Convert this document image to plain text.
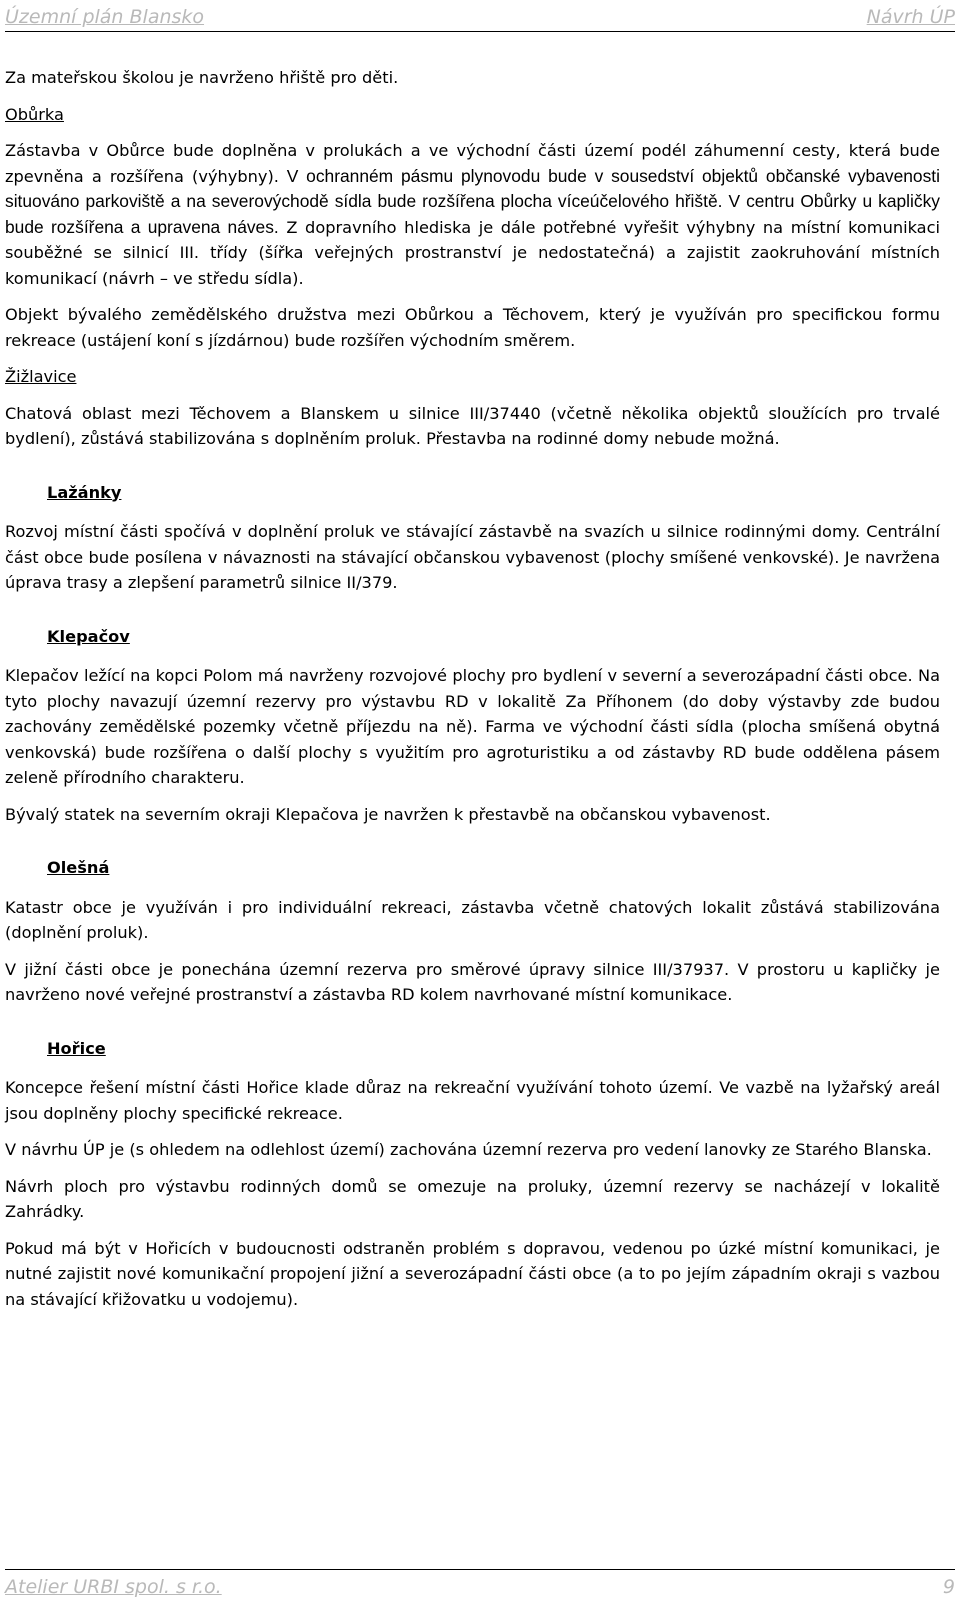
Územní plán Blansko	Návrh ÚP

Za mateřskou školou je navrženo hřiště pro děti.

Obůrka

Zástavba v Obůrce bude doplněna v prolukách a ve východní části území podél záhumenní cesty, která bude zpevněna a rozšířena (výhybny). V ochranném pásmu plynovodu bude v sousedství objektů občanské vybavenosti situováno parkoviště a na severovýchodě sídla bude rozšířena plocha víceúčelového hřiště. V centru Obůrky u kapličky bude rozšířena a upravena náves. Z dopravního hlediska je dále potřebné vyřešit výhybny na místní komunikaci souběžné se silnicí III. třídy (šířka veřejných prostranství je nedostatečná) a zajistit zaokruhování místních komunikací (návrh – ve středu sídla).

Objekt bývalého zemědělského družstva mezi Obůrkou a Těchovem, který je využíván pro specifickou formu rekreace (ustájení koní s jízdárnou) bude rozšířen východním směrem.

Žižlavice

Chatová oblast mezi Těchovem a Blanskem u silnice III/37440 (včetně několika objektů sloužících pro trvalé bydlení), zůstává stabilizována s doplněním proluk. Přestavba na rodinné domy nebude možná.

Lažánky

Rozvoj místní části spočívá v doplnění proluk ve stávající zástavbě na svazích u silnice rodinnými domy. Centrální část obce bude posílena v návaznosti na stávající občanskou vybavenost (plochy smíšené venkovské). Je navržena úprava trasy a zlepšení parametrů silnice II/379.

Klepačov

Klepačov ležící na kopci Polom má navrženy rozvojové plochy pro bydlení v severní a severozápadní části obce. Na tyto plochy navazují územní rezervy pro výstavbu RD v lokalitě Za Příhonem (do doby výstavby zde budou zachovány zemědělské pozemky včetně příjezdu na ně). Farma ve východní části sídla (plocha smíšená obytná venkovská) bude rozšířena o další plochy s využitím pro agroturistiku a od zástavby RD bude oddělena pásem zeleně přírodního charakteru.

Bývalý statek na severním okraji Klepačova je navržen k přestavbě na občanskou vybavenost.

Olešná

Katastr obce je využíván i pro individuální rekreaci, zástavba včetně chatových lokalit zůstává stabilizována (doplnění proluk).

V jižní části obce je ponechána územní rezerva pro směrové úpravy silnice III/37937. V prostoru u kapličky je navrženo nové veřejné prostranství a zástavba RD kolem navrhované místní komunikace.

Hořice

Koncepce řešení místní části Hořice klade důraz na rekreační využívání tohoto území. Ve vazbě na lyžařský areál jsou doplněny plochy specifické rekreace.

V návrhu ÚP je (s ohledem na odlehlost území) zachována územní rezerva pro vedení lanovky ze Starého Blanska.

Návrh ploch pro výstavbu rodinných domů se omezuje na proluky, územní rezervy se nacházejí v lokalitě Zahrádky.

Pokud má být v Hořicích v budoucnosti odstraněn problém s dopravou, vedenou po úzké místní komunikaci, je nutné zajistit nové komunikační propojení jižní a severozápadní části obce (a to po jejím západním okraji s vazbou na stávající křižovatku u vodojemu).

Atelier URBI spol. s r.o.	9
